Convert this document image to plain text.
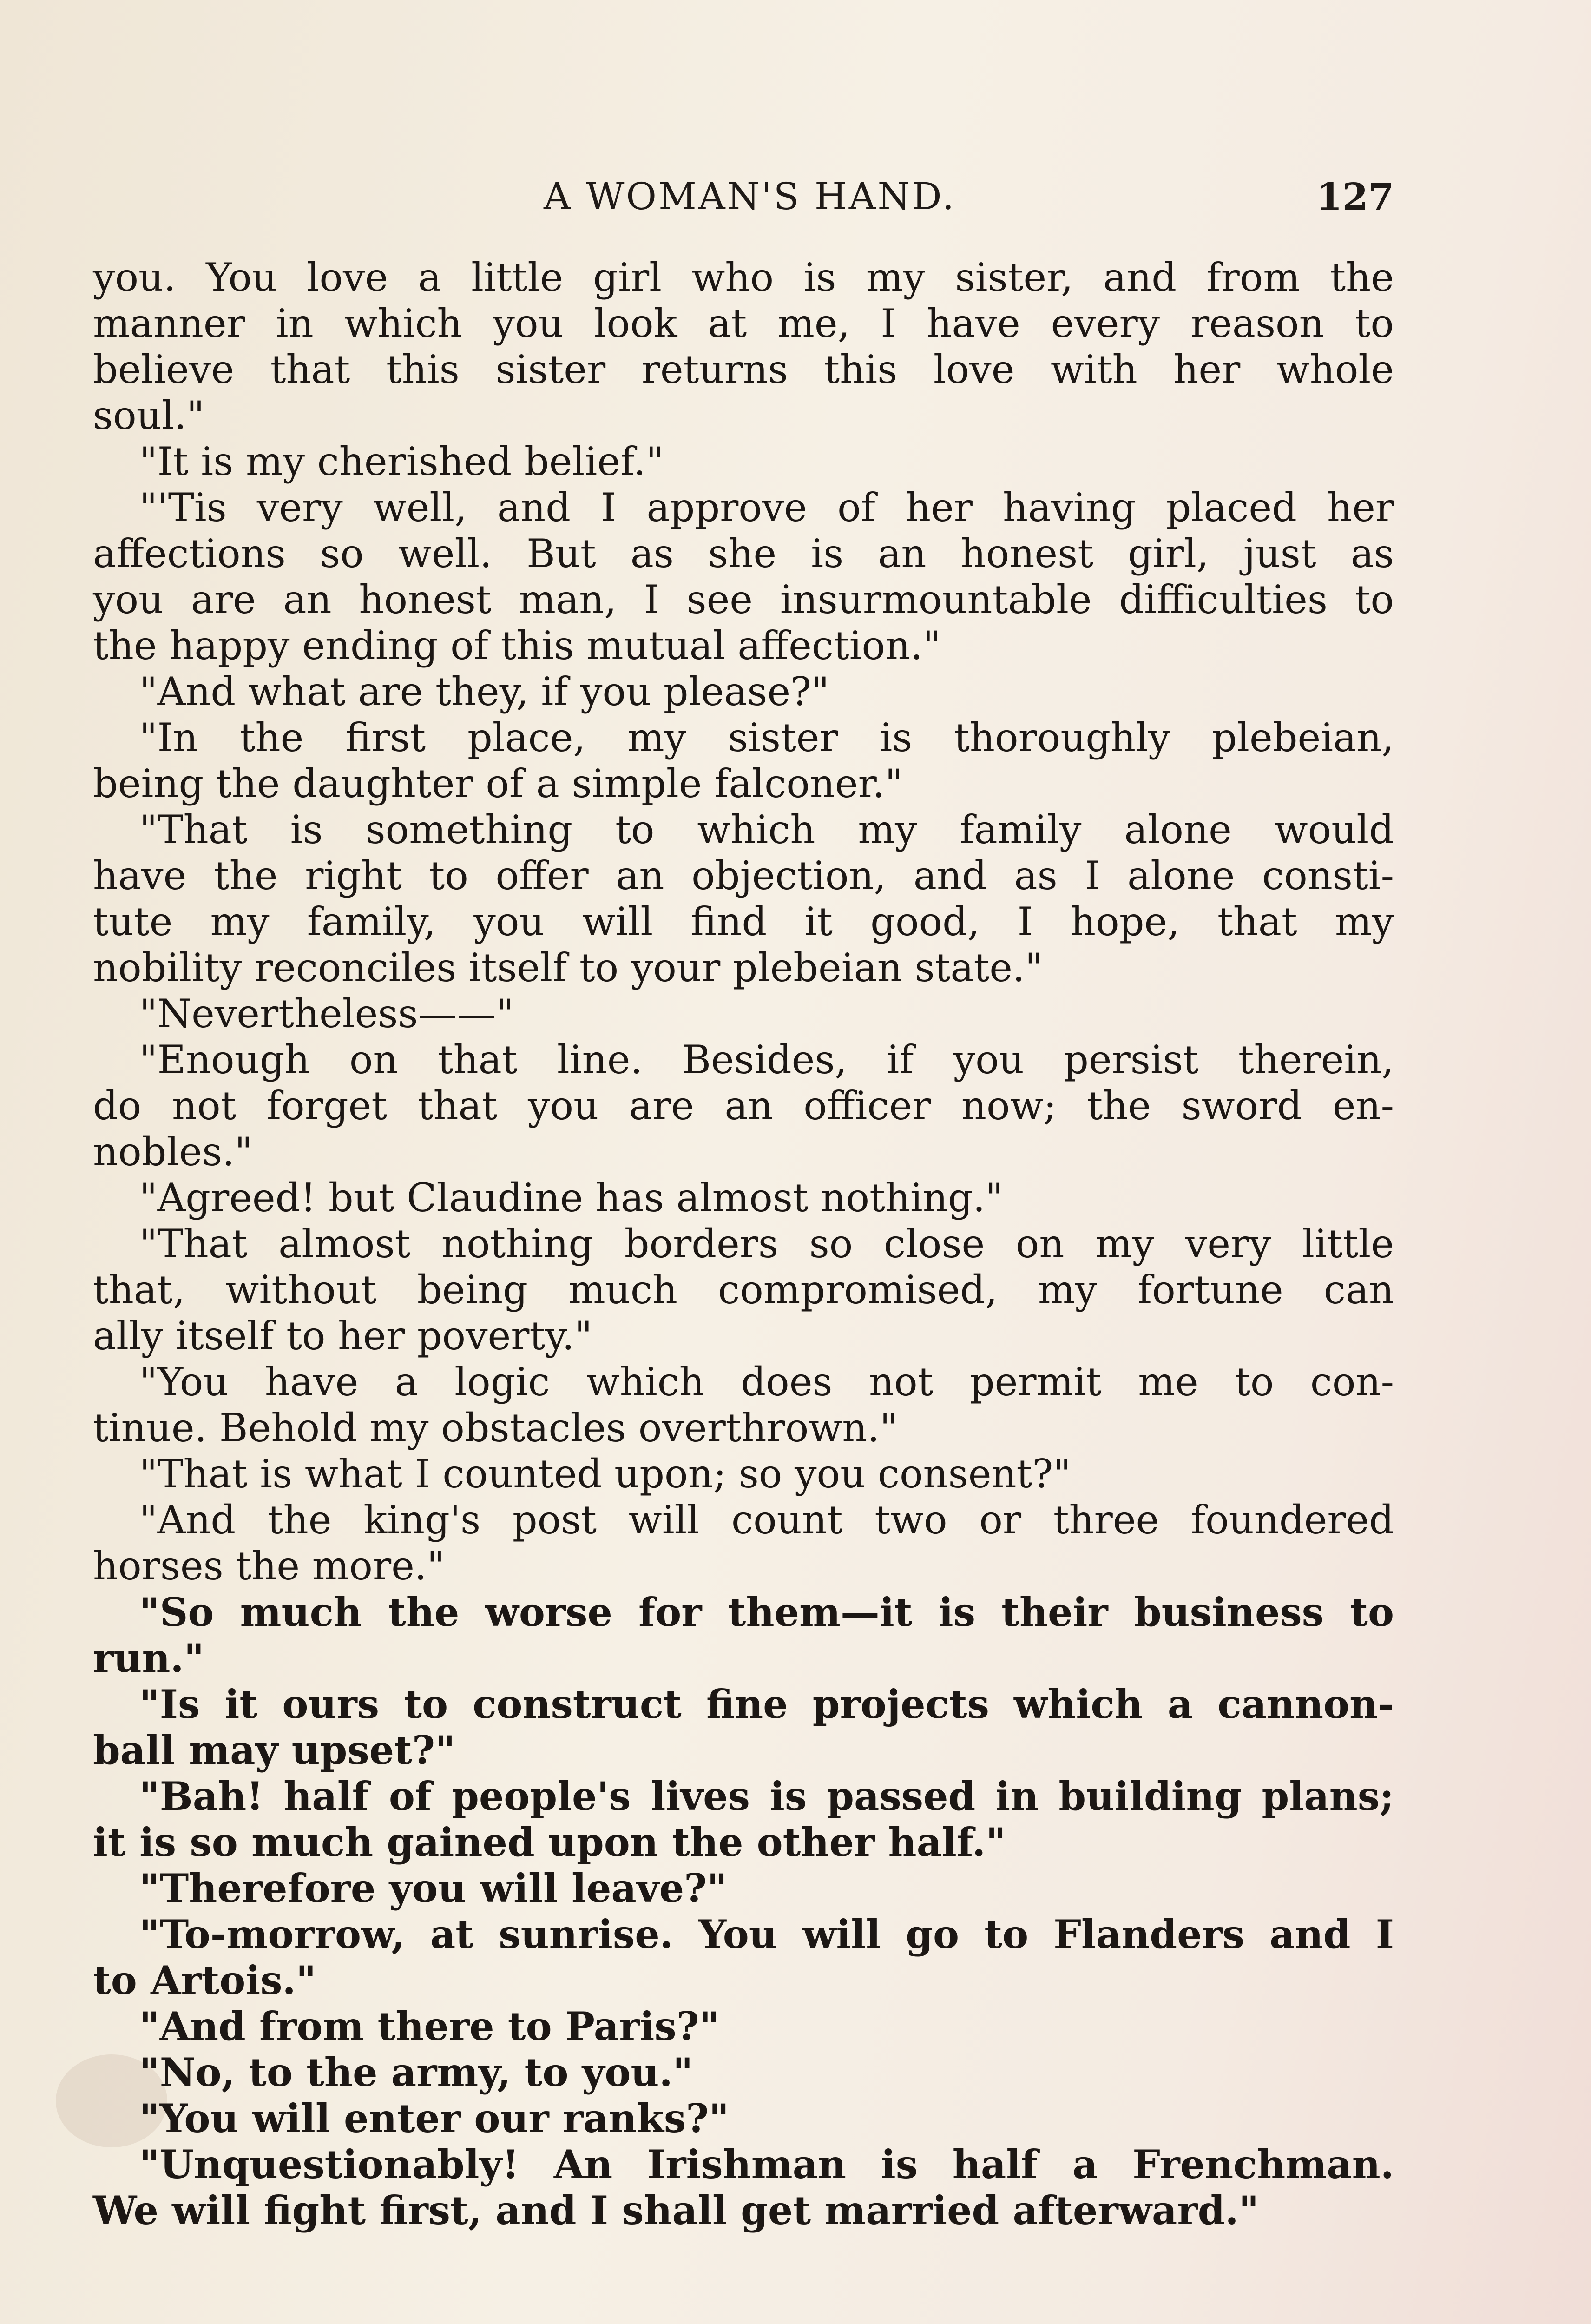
A WOMAN'S HAND.	127
you. You love a little girl who is my sister, and from the
manner in which you look at me, I have every reason to
believe that this sister returns this love with her whole
soul."
"It is my cherished belief."
"'Tis very well, and I approve of her having placed her
affections so well. But as she is an honest girl, just as
you are an honest man, I see insurmountable difficulties to
the happy ending of this mutual affection."
"And what are they, if you please?"
"In the first place, my sister is thoroughly plebeian,
being the daughter of a simple falconer."
"That is something to which my family alone would
have the right to offer an objection, and as I alone consti-
tute my family, you will find it good, I hope, that my
nobility reconciles itself to your plebeian state."
"Nevertheless——"
"Enough on that line. Besides, if you persist therein,
do not forget that you are an officer now; the sword en-
nobles."
"Agreed! but Claudine has almost nothing."
"That almost nothing borders so close on my very little
that, without being much compromised, my fortune can
ally itself to her poverty."
"You have a logic which does not permit me to con-
tinue. Behold my obstacles overthrown."
"That is what I counted upon; so you consent?"
"And the king's post will count two or three foundered
horses the more."
"So much the worse for them—it is their business to
run."
"Is it ours to construct fine projects which a cannon-
ball may upset?"
"Bah! half of people's lives is passed in building plans;
it is so much gained upon the other half."
"Therefore you will leave?"
"To-morrow, at sunrise. You will go to Flanders and I
to Artois."
"And from there to Paris?"
"No, to the army, to you."
"You will enter our ranks?"
"Unquestionably! An Irishman is half a Frenchman.
We will fight first, and I shall get married afterward."
